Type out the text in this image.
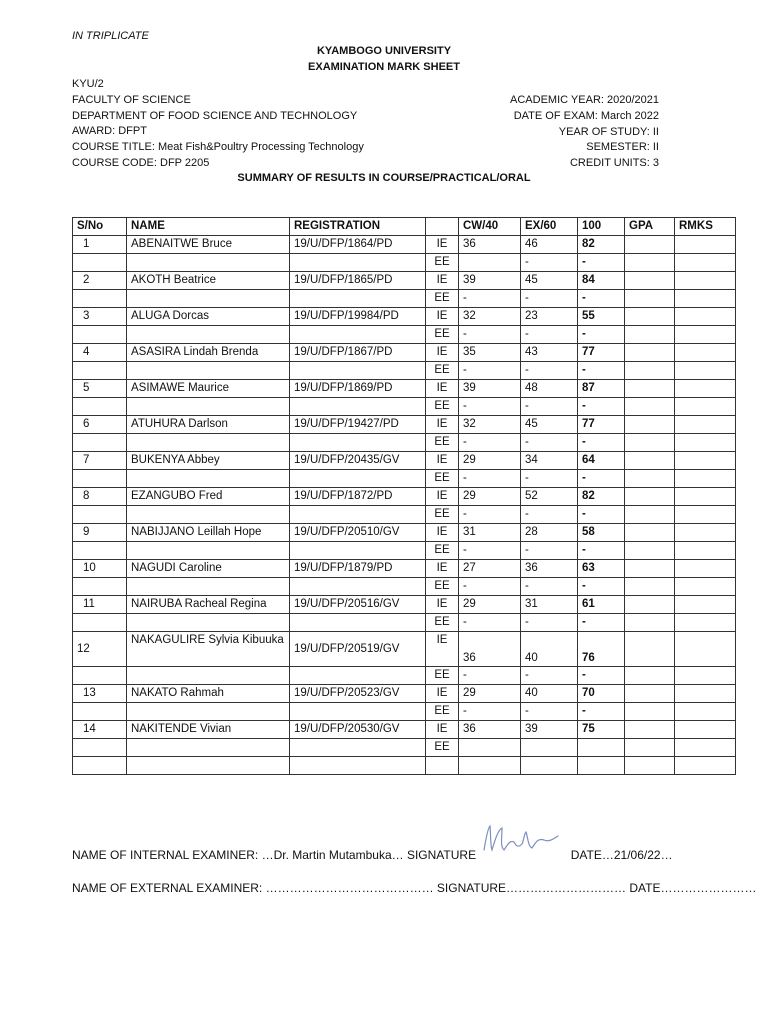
IN TRIPLICATE
KYAMBOGO UNIVERSITY
EXAMINATION MARK SHEET
KYU/2
FACULTY OF SCIENCE
DEPARTMENT OF FOOD SCIENCE AND TECHNOLOGY
AWARD: DFPT
COURSE TITLE: Meat Fish&Poultry Processing Technology
COURSE CODE: DFP 2205
ACADEMIC YEAR: 2020/2021
DATE OF EXAM: March 2022
YEAR OF STUDY: II
SEMESTER: II
CREDIT UNITS: 3
SUMMARY OF RESULTS IN COURSE/PRACTICAL/ORAL
S/No	NAME	REGISTRATION		CW/40	EX/60	100	GPA	RMKS
1	ABENAITWE Bruce	19/U/DFP/1864/PD	IE	36	46	82		
			EE		-	-		
2	AKOTH Beatrice	19/U/DFP/1865/PD	IE	39	45	84		
			EE	-	-	-		
3	ALUGA Dorcas	19/U/DFP/19984/PD	IE	32	23	55		
			EE	-	-	-		
4	ASASIRA Lindah Brenda	19/U/DFP/1867/PD	IE	35	43	77		
			EE	-	-	-		
5	ASIMAWE Maurice	19/U/DFP/1869/PD	IE	39	48	87		
			EE	-	-	-		
6	ATUHURA Darlson	19/U/DFP/19427/PD	IE	32	45	77		
			EE	-	-	-		
7	BUKENYA Abbey	19/U/DFP/20435/GV	IE	29	34	64		
			EE	-	-	-		
8	EZANGUBO Fred	19/U/DFP/1872/PD	IE	29	52	82		
			EE	-	-	-		
9	NABIJJANO Leillah Hope	19/U/DFP/20510/GV	IE	31	28	58		
			EE	-	-	-		
10	NAGUDI Caroline	19/U/DFP/1879/PD	IE	27	36	63		
			EE	-	-	-		
11	NAIRUBA Racheal Regina	19/U/DFP/20516/GV	IE	29	31	61		
			EE	-	-	-		
12	NAKAGULIRE Sylvia Kibuuka	19/U/DFP/20519/GV	IE	36	40	76		
			EE	-	-	-		
13	NAKATO Rahmah	19/U/DFP/20523/GV	IE	29	40	70		
			EE	-	-	-		
14	NAKITENDE Vivian	19/U/DFP/20530/GV	IE	36	39	75		
			EE					

NAME OF INTERNAL EXAMINER: …Dr. Martin Mutambuka… SIGNATURE	DATE…21/06/22…
NAME OF EXTERNAL EXAMINER: …………………………………… SIGNATURE………………………… DATE……………………
